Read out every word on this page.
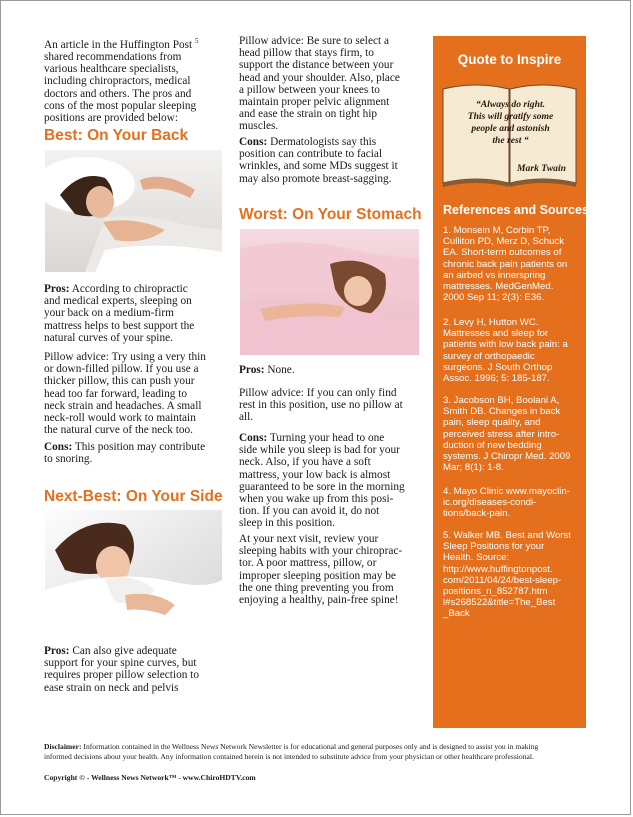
An article in the Huffington Post $^5$
shared recommendations from
various healthcare specialists,
including chiropractors, medical
doctors and others. The pros and
cons of the most popular sleeping
positions are provided below:

Best: On Your Back

Pros: According to chiropractic
and medical experts, sleeping on
your back on a medium-firm
mattress helps to best support the
natural curves of your spine.

Pillow advice: Try using a very thin
or down-filled pillow. If you use a
thicker pillow, this can push your
head too far forward, leading to
neck strain and headaches. A small
neck-roll would work to maintain
the natural curve of the neck too.

Cons: This position may contribute
to snoring.

Next-Best: On Your Side

Pros: Can also give adequate
support for your spine curves, but
requires proper pillow selection to
ease strain on neck and pelvis

Pillow advice: Be sure to select a
head pillow that stays firm, to
support the distance between your
head and your shoulder. Also, place
a pillow between your knees to
maintain proper pelvic alignment
and ease the strain on tight hip
muscles.

Cons: Dermatologists say this
position can contribute to facial
wrinkles, and some MDs suggest it
may also promote breast-sagging.

Worst: On Your Stomach

Pros: None.

Pillow advice: If you can only find
rest in this position, use no pillow at
all.

Cons: Turning your head to one
side while you sleep is bad for your
neck. Also, if you have a soft
mattress, your low back is almost
guaranteed to be sore in the morning
when you wake up from this posi-
tion. If you can avoid it, do not
sleep in this position.

At your next visit, review your
sleeping habits with your chiroprac-
tor. A poor mattress, pillow, or
improper sleeping position may be
the one thing preventing you from
enjoying a healthy, pain-free spine!

Quote to Inspire
“Always do right.
This will gratify some
people and astonish
the rest “
Mark Twain
References and Sources:

1. Monsein M, Corbin TP,
Culliton PD, Merz D, Schuck
EA. Short-term outcomes of
chronic back pain patients on
an airbed vs innerspring
mattresses. MedGenMed.
2000 Sep 11; 2(3): E36.

2. Levy H, Hutton WC.
Mattresses and sleep for
patients with low back pain: a
survey of orthopaedic
surgeons. J South Orthop
Assoc. 1996; 5: 185-187.

3. Jacobson BH, Boolani A,
Smith DB. Changes in back
pain, sleep quality, and
perceived stress after intro-
duction of new bedding
systems. J Chiropr Med. 2009
Mar; 8(1): 1-8.

4. Mayo Clinic www.mayoclin-
ic.org/diseases-condi-
tions/back-pain.

5. Walker MB. Best and Worst
Sleep Positions for your
Health. Source:
http://www.huffingtonpost.
com/2011/04/24/best-sleep-
positions_n_852787.htm
l#s268522&title=The_Best
_Back

Disclaimer: Information contained in the Wellness News Network Newsletter is for educational and general purposes only and is designed to assist you in making
informed decisions about your health. Any information contained herein is not intended to substitute advice from your physician or other healthcare professional.
Copyright © - Wellness News Network™ - www.ChiroHDTV.com
